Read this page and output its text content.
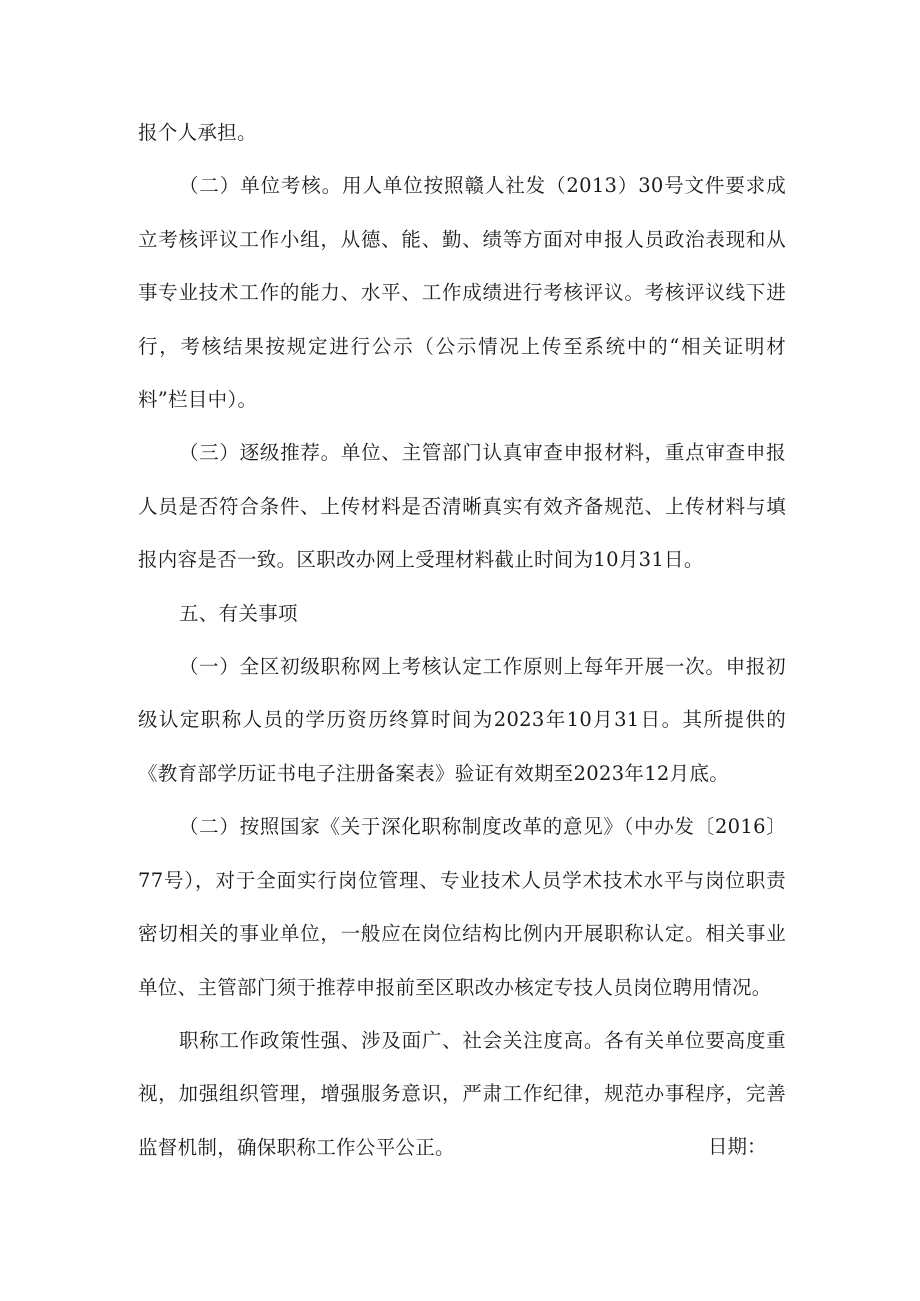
报个人承担。

（二）单位考核。用人单位按照赣人社发（2013）30号文件要求成立考核评议工作小组，从德、能、勤、绩等方面对申报人员政治表现和从事专业技术工作的能力、水平、工作成绩进行考核评议。考核评议线下进行，考核结果按规定进行公示（公示情况上传至系统中的“相关证明材料”栏目中）。

（三）逐级推荐。单位、主管部门认真审查申报材料，重点审查申报人员是否符合条件、上传材料是否清晰真实有效齐备规范、上传材料与填报内容是否一致。区职改办网上受理材料截止时间为10月31日。

五、有关事项

（一）全区初级职称网上考核认定工作原则上每年开展一次。申报初级认定职称人员的学历资历终算时间为2023年10月31日。其所提供的《教育部学历证书电子注册备案表》验证有效期至2023年12月底。

（二）按照国家《关于深化职称制度改革的意见》（中办发〔2016〕77号），对于全面实行岗位管理、专业技术人员学术技术水平与岗位职责密切相关的事业单位，一般应在岗位结构比例内开展职称认定。相关事业单位、主管部门须于推荐申报前至区职改办核定专技人员岗位聘用情况。

职称工作政策性强、涉及面广、社会关注度高。各有关单位要高度重视，加强组织管理，增强服务意识，严肃工作纪律，规范办事程序，完善监督机制，确保职称工作公平公正。	日期：
